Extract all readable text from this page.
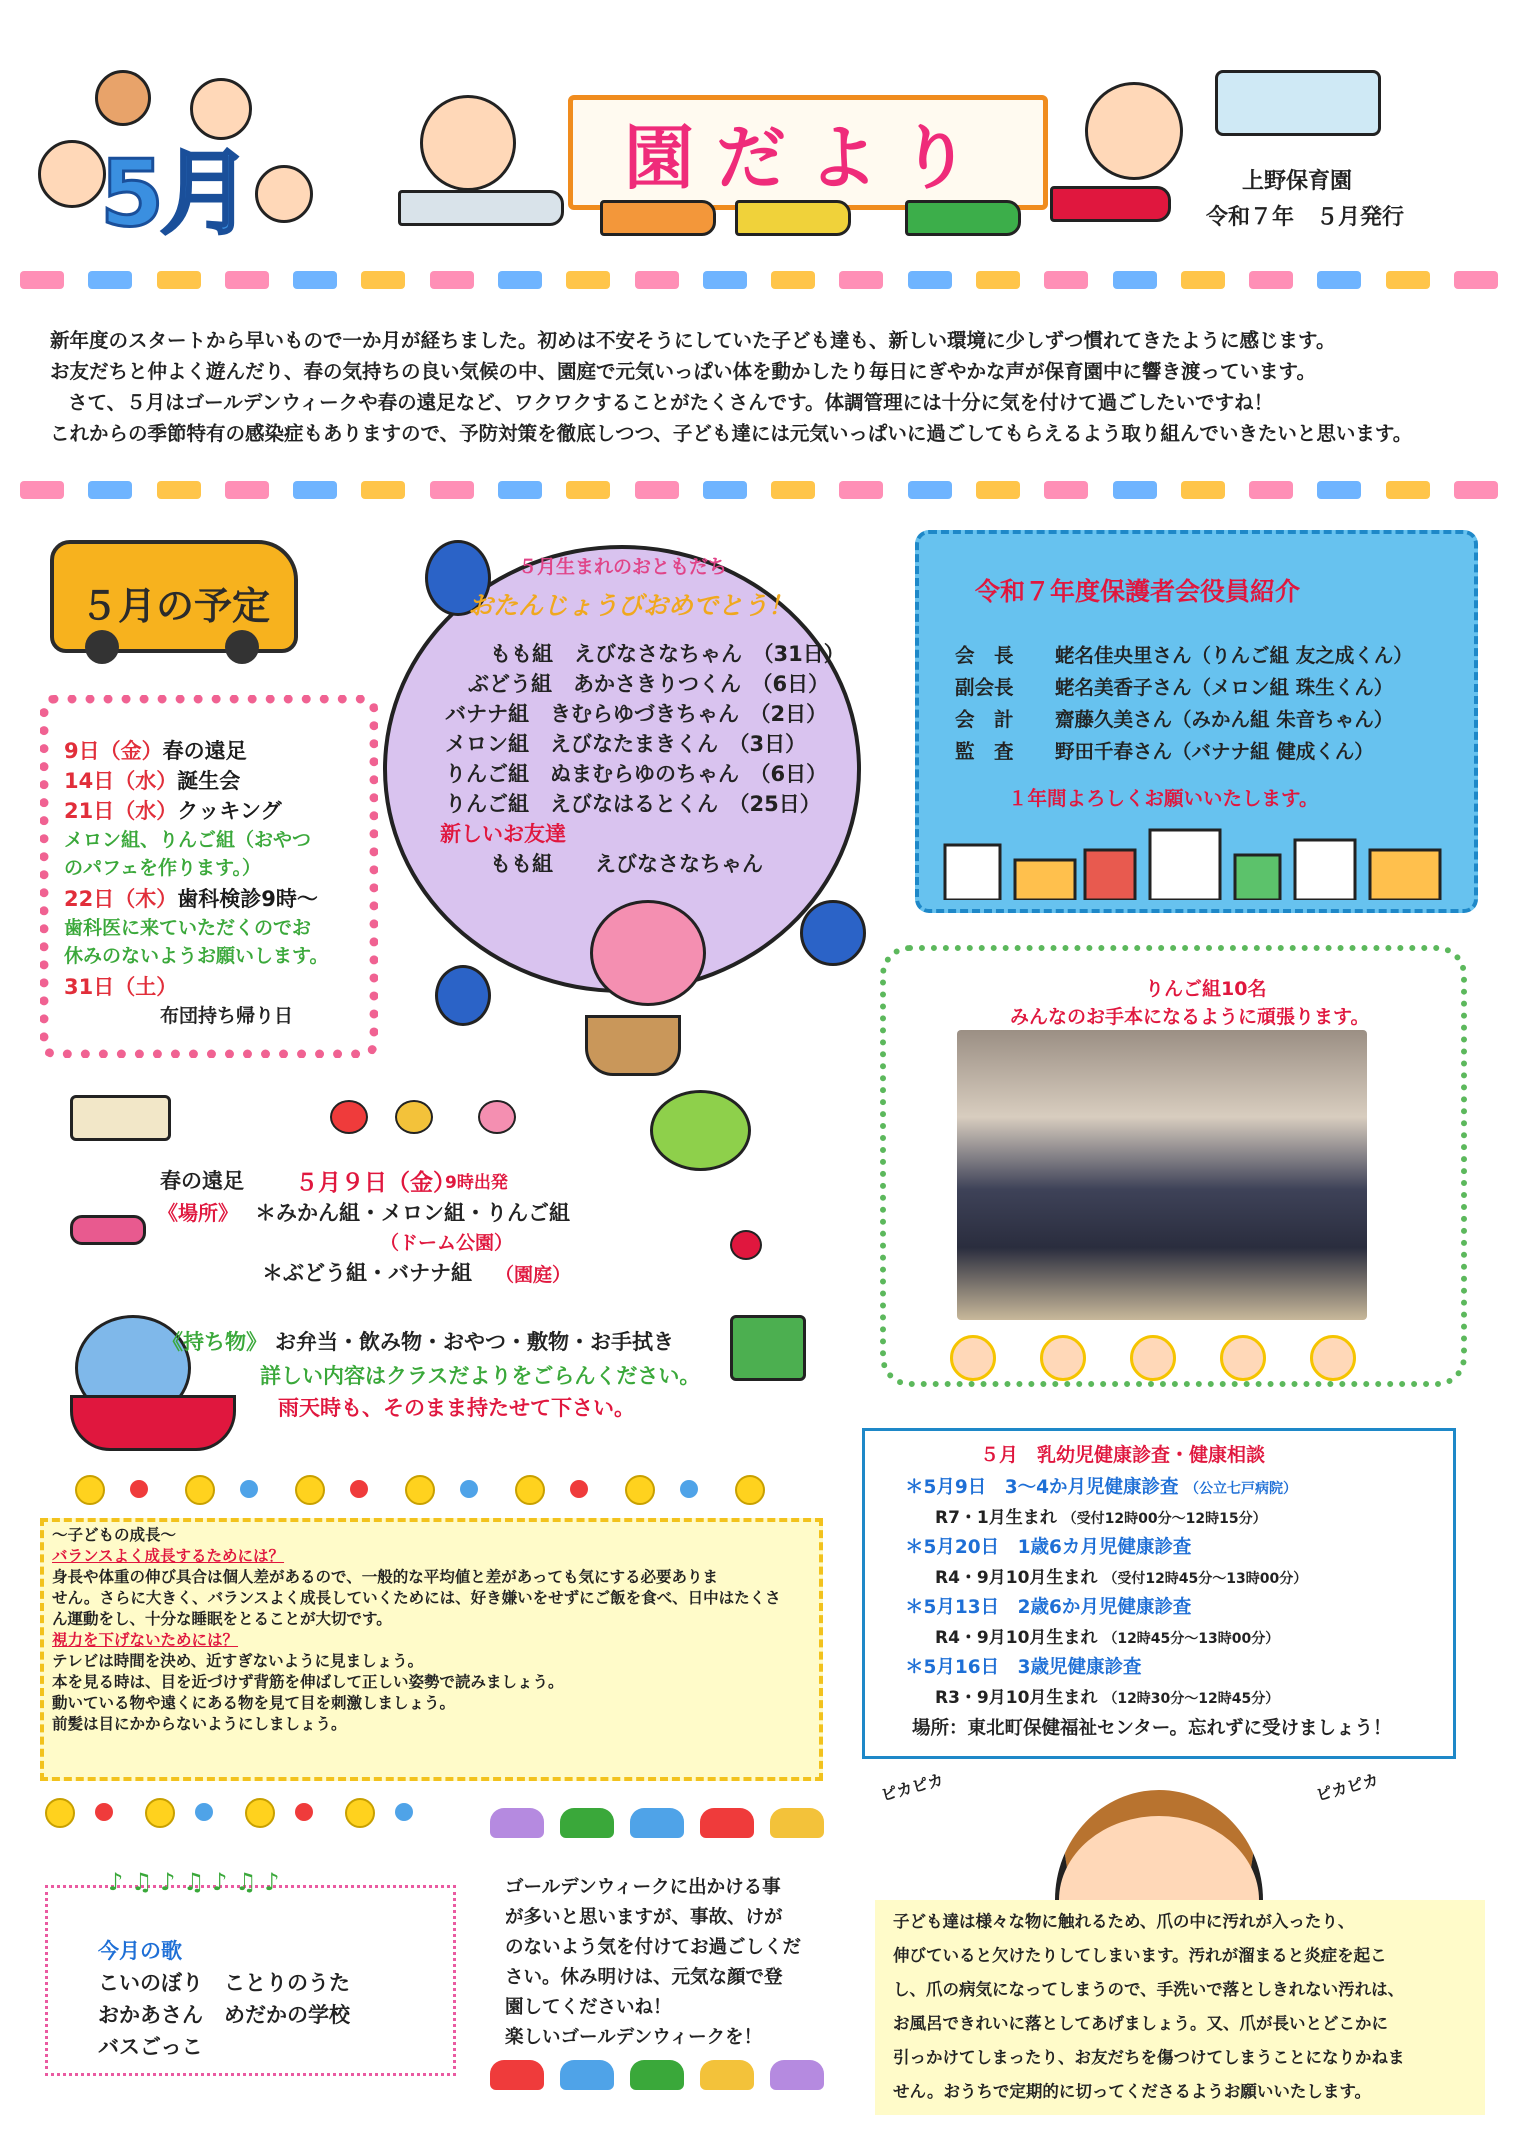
5月	園だより	上野保育園
令和７年　５月発行

新年度のスタートから早いもので一か月が経ちました。初めは不安そうにしていた子ども達も、新しい環境に少しずつ慣れてきたように感じます。

お友だちと仲よく遊んだり、春の気持ちの良い気候の中、園庭で元気いっぱい体を動かしたり毎日にぎやかな声が保育園中に響き渡っています。

さて、５月はゴールデンウィークや春の遠足など、ワクワクすることがたくさんです。体調管理には十分に気を付けて過ごしたいですね！

これからの季節特有の感染症もありますので、予防対策を徹底しつつ、子ども達には元気いっぱいに過ごしてもらえるよう取り組んでいきたいと思います。

５月の予定
9日（金）春の遠足
14日（水）誕生会
21日（水）クッキング
メロン組、りんご組（おやつ
のパフェを作ります。）
22日（木）歯科検診9時～
歯科医に来ていただくのでお
休みのないようお願いします。
31日（土）
布団持ち帰り日
５月生まれのおともだち
おたんじょうびおめでとう！
もも組　 えびなさなちゃん　 （31日）
ぶどう組　 あかさきりつくん　 （6日）
バナナ組　 きむらゆづきちゃん　 （2日）
メロン組　 えびなたまきくん　 （3日）
りんご組　 ぬまむらゆのちゃん　 （6日）
りんご組　 えびなはるとくん　 （25日）
新しいお友達
もも組　　 えびなさなちゃん
令和７年度保護者会役員紹介
会　長 蛯名佳央里さん（りんご組 友之成くん）
副会長 蛯名美香子さん（メロン組 珠生くん）
会　計 齋藤久美さん（みかん組 朱音ちゃん）
監　査 野田千春さん（バナナ組 健成くん）
１年間よろしくお願いいたします。
りんご組10名
みんなのお手本になるように頑張ります。
春の遠足 ５月９日（金）
9時出発
《場所》 ＊みかん組・メロン組・りんご組
（ドーム公園）
＊ぶどう組・バナナ組 （園庭）
《持ち物》 お弁当・飲み物・おやつ・敷物・お手拭き
詳しい内容はクラスだよりをごらんください。
雨天時も、そのまま持たせて下さい。
～子どもの成長～
バランスよく成長するためには？
身長や体重の伸び具合は個人差があるので、一般的な平均値と差があっても気にする必要ありま
せん。さらに大きく、バランスよく成長していくためには、好き嫌いをせずにご飯を食べ、日中はたくさ
ん運動をし、十分な睡眠をとることが大切です。
視力を下げないためには？
テレビは時間を決め、近すぎないように見ましょう。
本を見る時は、目を近づけず背筋を伸ばして正しい姿勢で読みましょう。
動いている物や遠くにある物を見て目を刺激しましょう。
前髪は目にかからないようにしましょう。
５月　乳幼児健康診査・健康相談
＊5月9日　3～4か月児健康診査 （公立七戸病院）
R7・1月生まれ （受付12時00分～12時15分）
＊5月20日　1歳6カ月児健康診査
R4・9月10月生まれ （受付12時45分～13時00分）
＊5月13日　2歳6か月児健康診査
R4・9月10月生まれ （12時45分～13時00分）
＊5月16日　3歳児健康診査
R3・9月10月生まれ （12時30分～12時45分）
場所：東北町保健福祉センター。忘れずに受けましょう！
♪ ♫ ♪ ♫ ♪ ♫ ♪
今月の歌
こいのぼり　ことりのうた
おかあさん　めだかの学校
バスごっこ
ゴールデンウィークに出かける事
が多いと思いますが、事故、けが
のないよう気を付けてお過ごしくだ
さい。休み明けは、元気な顔で登
園してくださいね！
楽しいゴールデンウィークを！
ピカピカ	ピカピカ
子ども達は様々な物に触れるため、爪の中に汚れが入ったり、
伸びていると欠けたりしてしまいます。汚れが溜まると炎症を起こ
し、爪の病気になってしまうので、手洗いで落としきれない汚れは、
お風呂できれいに落としてあげましょう。又、爪が長いとどこかに
引っかけてしまったり、お友だちを傷つけてしまうことになりかねま
せん。おうちで定期的に切ってくださるようお願いいたします。
